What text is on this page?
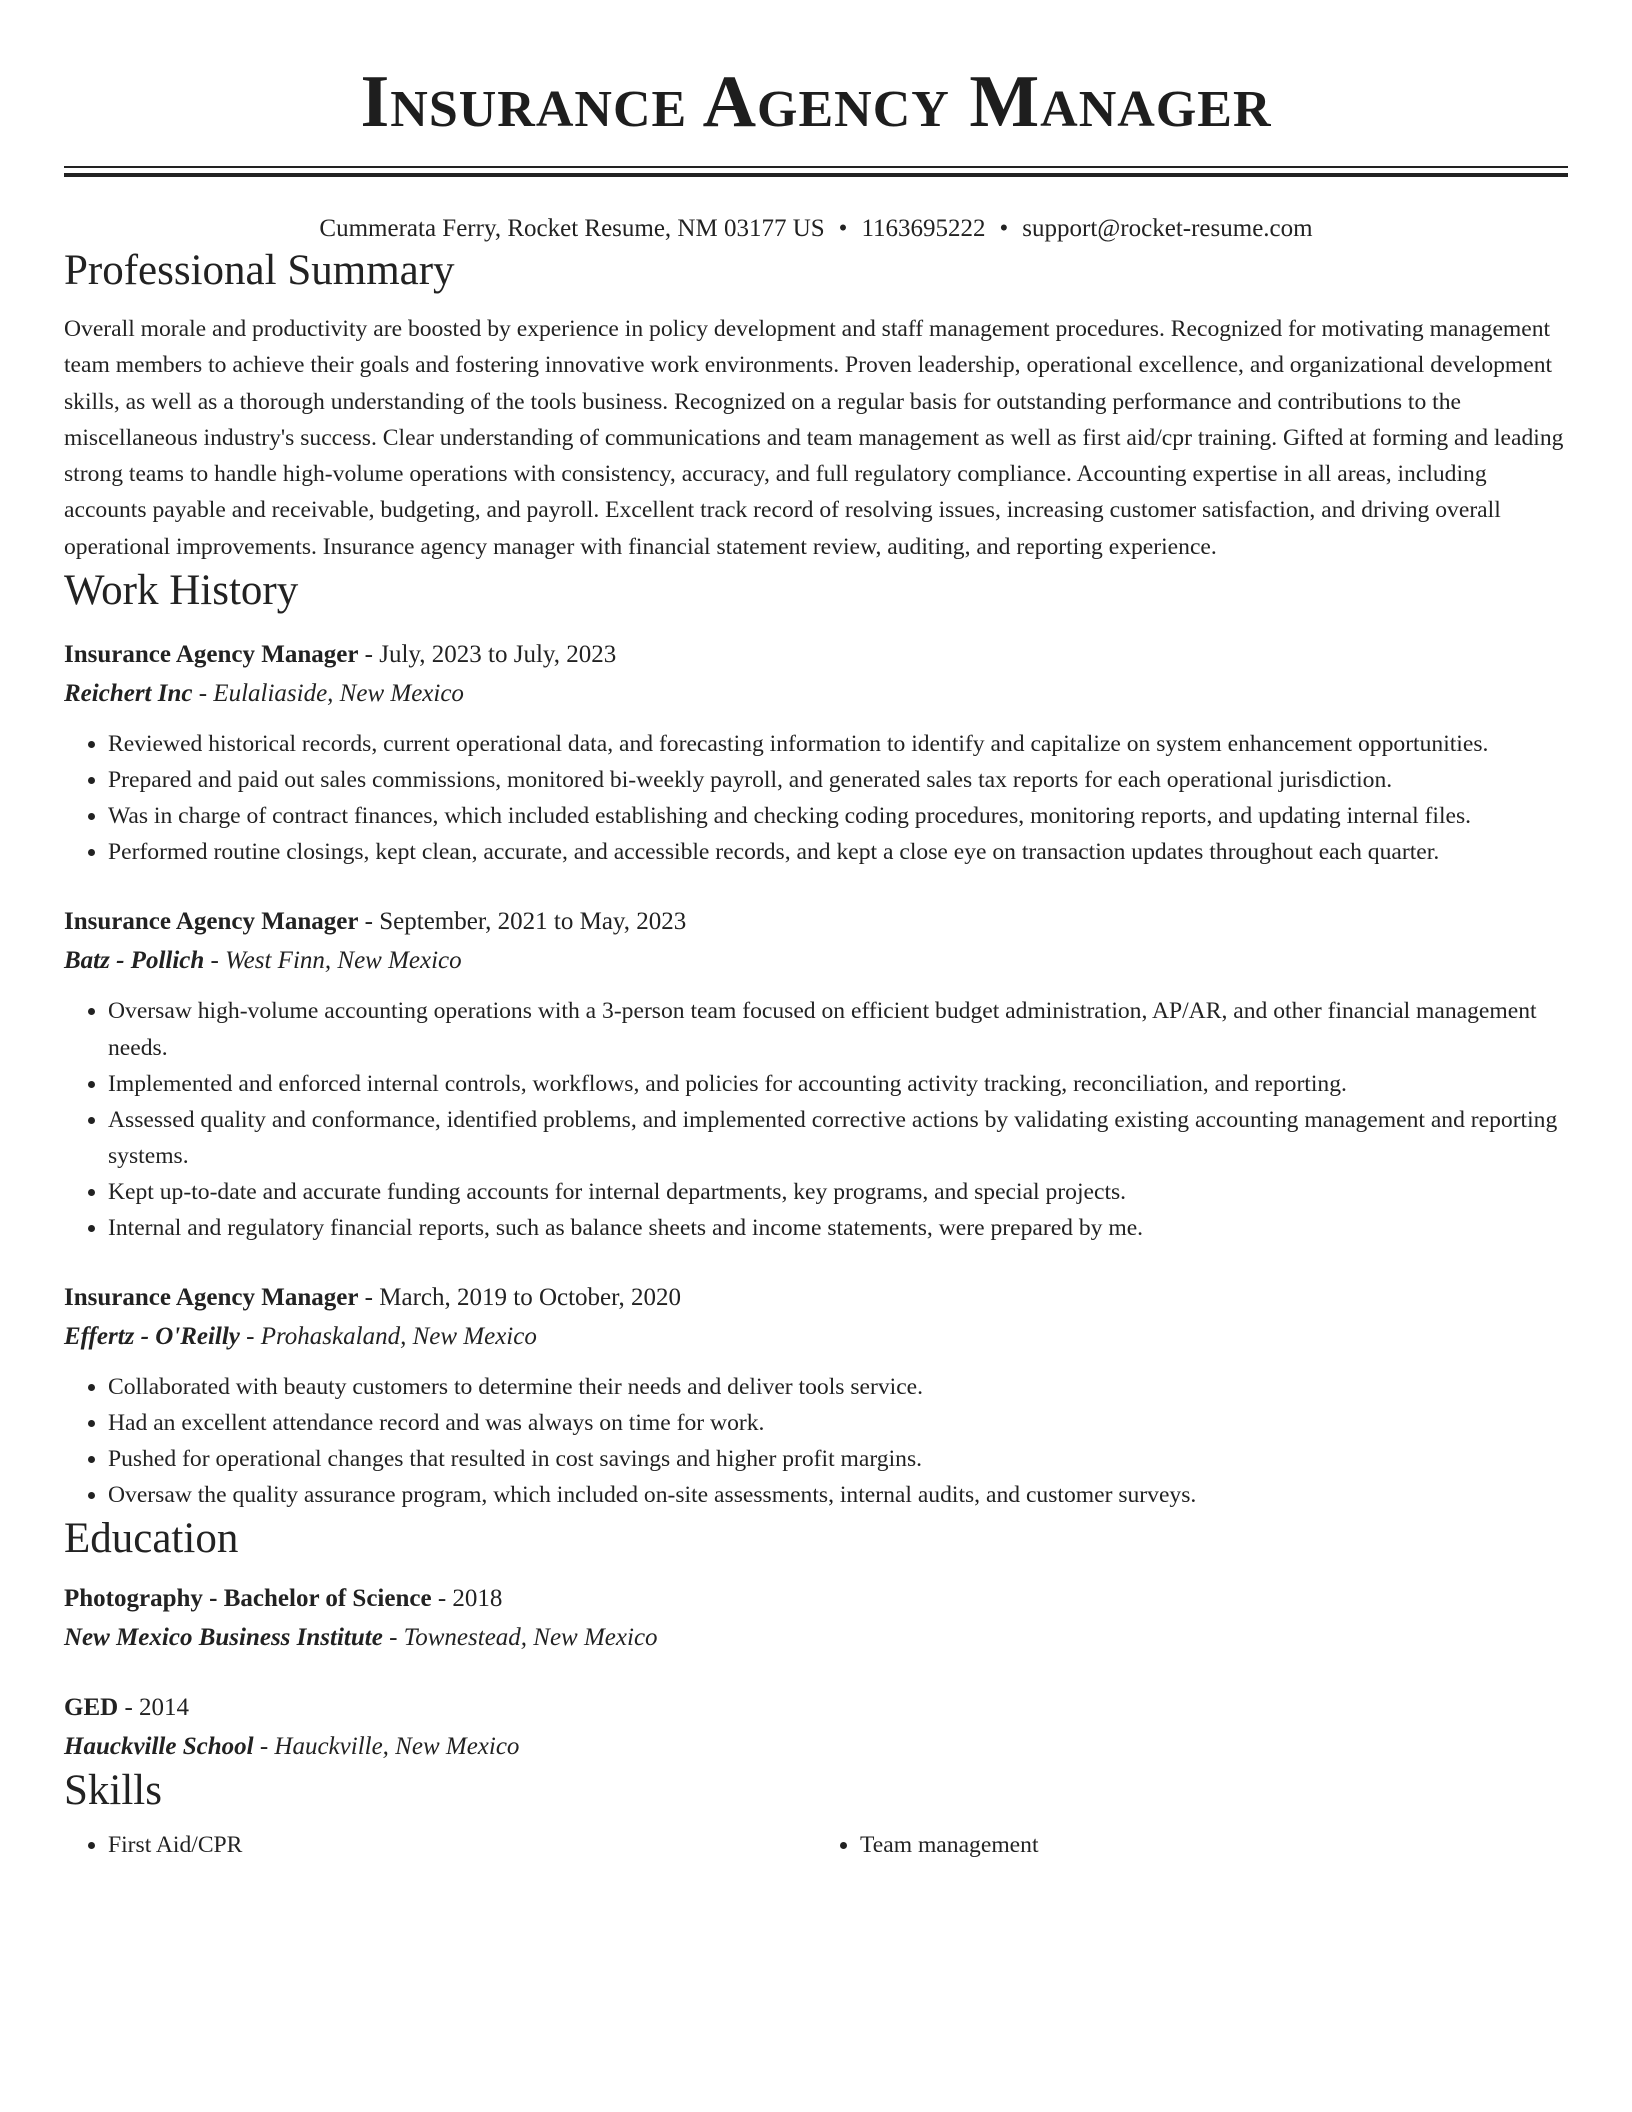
Insurance Agency Manager
Cummerata Ferry, Rocket Resume, NM 03177 US • 1163695222 • support@rocket-resume.com
Professional Summary

Overall morale and productivity are boosted by experience in policy development and staff management procedures. Recognized for motivating management team members to achieve their goals and fostering innovative work environments. Proven leadership, operational excellence, and organizational development skills, as well as a thorough understanding of the tools business. Recognized on a regular basis for outstanding performance and contributions to the miscellaneous industry's success. Clear understanding of communications and team management as well as first aid/cpr training. Gifted at forming and leading strong teams to handle high-volume operations with consistency, accuracy, and full regulatory compliance. Accounting expertise in all areas, including accounts payable and receivable, budgeting, and payroll. Excellent track record of resolving issues, increasing customer satisfaction, and driving overall operational improvements. Insurance agency manager with financial statement review, auditing, and reporting experience.

Work History

Insurance Agency Manager - July, 2023 to July, 2023

Reichert Inc - Eulaliaside, New Mexico

• Reviewed historical records, current operational data, and forecasting information to identify and capitalize on system enhancement opportunities.
• Prepared and paid out sales commissions, monitored bi-weekly payroll, and generated sales tax reports for each operational jurisdiction.
• Was in charge of contract finances, which included establishing and checking coding procedures, monitoring reports, and updating internal files.
• Performed routine closings, kept clean, accurate, and accessible records, and kept a close eye on transaction updates throughout each quarter.

Insurance Agency Manager - September, 2021 to May, 2023

Batz - Pollich - West Finn, New Mexico

• Oversaw high-volume accounting operations with a 3-person team focused on efficient budget administration, AP/AR, and other financial management needs.
• Implemented and enforced internal controls, workflows, and policies for accounting activity tracking, reconciliation, and reporting.
• Assessed quality and conformance, identified problems, and implemented corrective actions by validating existing accounting management and reporting systems.
• Kept up-to-date and accurate funding accounts for internal departments, key programs, and special projects.
• Internal and regulatory financial reports, such as balance sheets and income statements, were prepared by me.

Insurance Agency Manager - March, 2019 to October, 2020

Effertz - O'Reilly - Prohaskaland, New Mexico

• Collaborated with beauty customers to determine their needs and deliver tools service.
• Had an excellent attendance record and was always on time for work.
• Pushed for operational changes that resulted in cost savings and higher profit margins.
• Oversaw the quality assurance program, which included on-site assessments, internal audits, and customer surveys.
Education

Photography - Bachelor of Science - 2018

New Mexico Business Institute - Townestead, New Mexico

GED - 2014

Hauckville School - Hauckville, New Mexico

Skills
• First Aid/CPR
•	Team management
